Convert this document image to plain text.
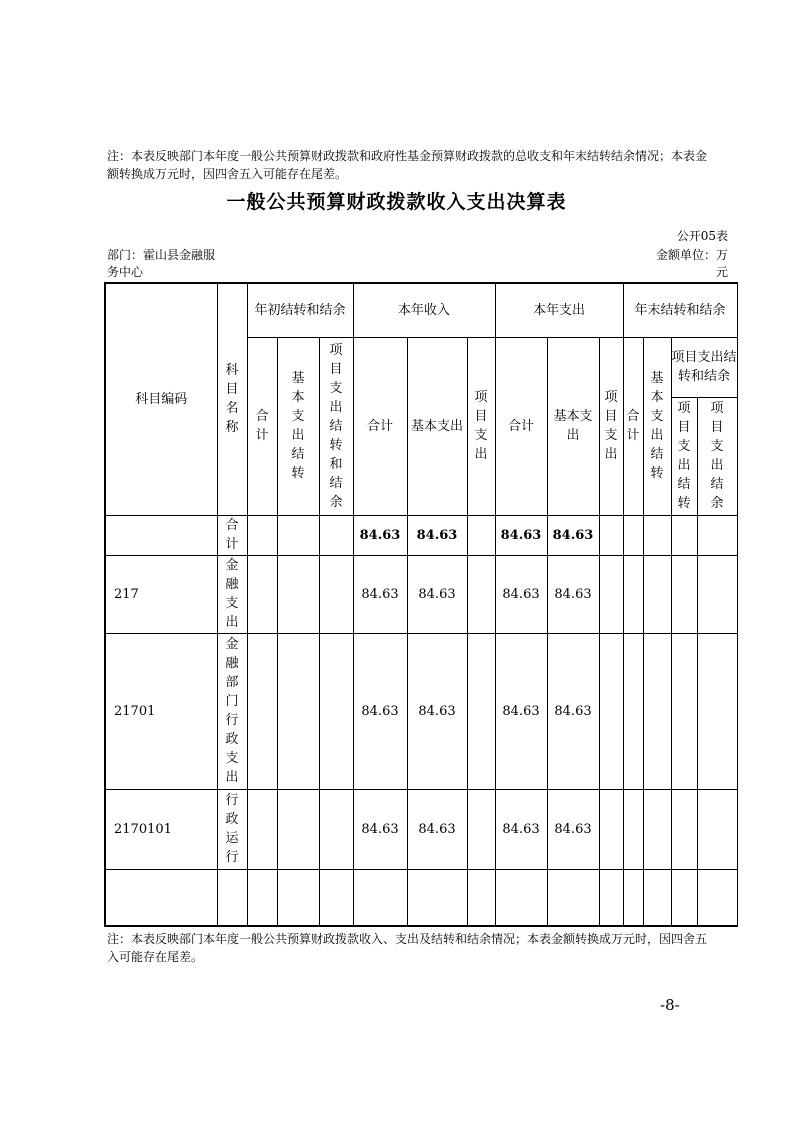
注：本表反映部门本年度一般公共预算财政拨款和政府性基金预算财政拨款的总收支和年末结转结余情况；本表金额转换成万元时，因四舍五入可能存在尾差。
一般公共预算财政拨款收入支出决算表
公开05表
部门：霍山县金融服务中心
金额单位：万元
科目编码	科目名称	年初结转和结余			本年收入			本年支出			年末结转和结余			
		合计	基本支出结转	项目支出结转和结余	合计	基本支出	项目支出	合计	基本支出	项目支出	合计	基本支出结转	项目支出结转和结余	
													项目支出结转	项目支出结余
	合计				84.63	84.63		84.63	84.63					
217	金融支出				84.63	84.63		84.63	84.63					
21701	金融部门行政支出				84.63	84.63		84.63	84.63					
2170101	行政运行				84.63	84.63		84.63	84.63					

注：本表反映部门本年度一般公共预算财政拨款收入、支出及结转和结余情况；本表金额转换成万元时，因四舍五入可能存在尾差。
-8-
